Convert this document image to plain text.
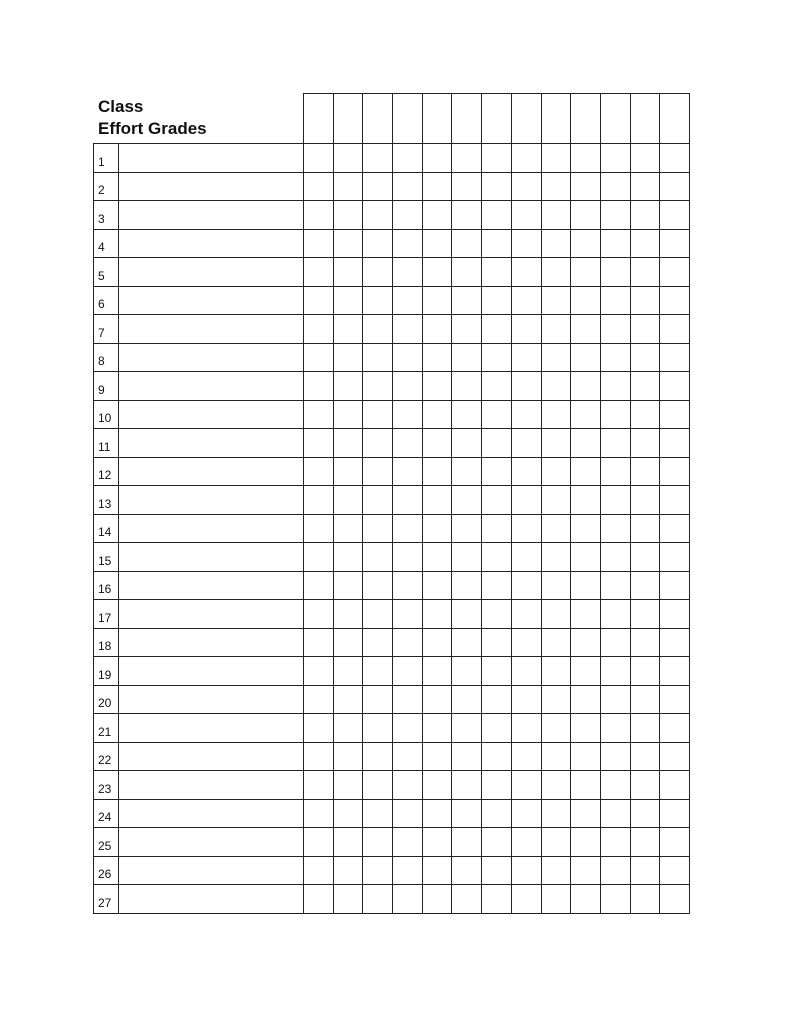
Class
Effort Grades
1														
2														
3														
4														
5														
6														
7														
8														
9														
10														
11														
12														
13														
14														
15														
16														
17														
18														
19														
20														
21														
22														
23														
24														
25														
26														
27														
